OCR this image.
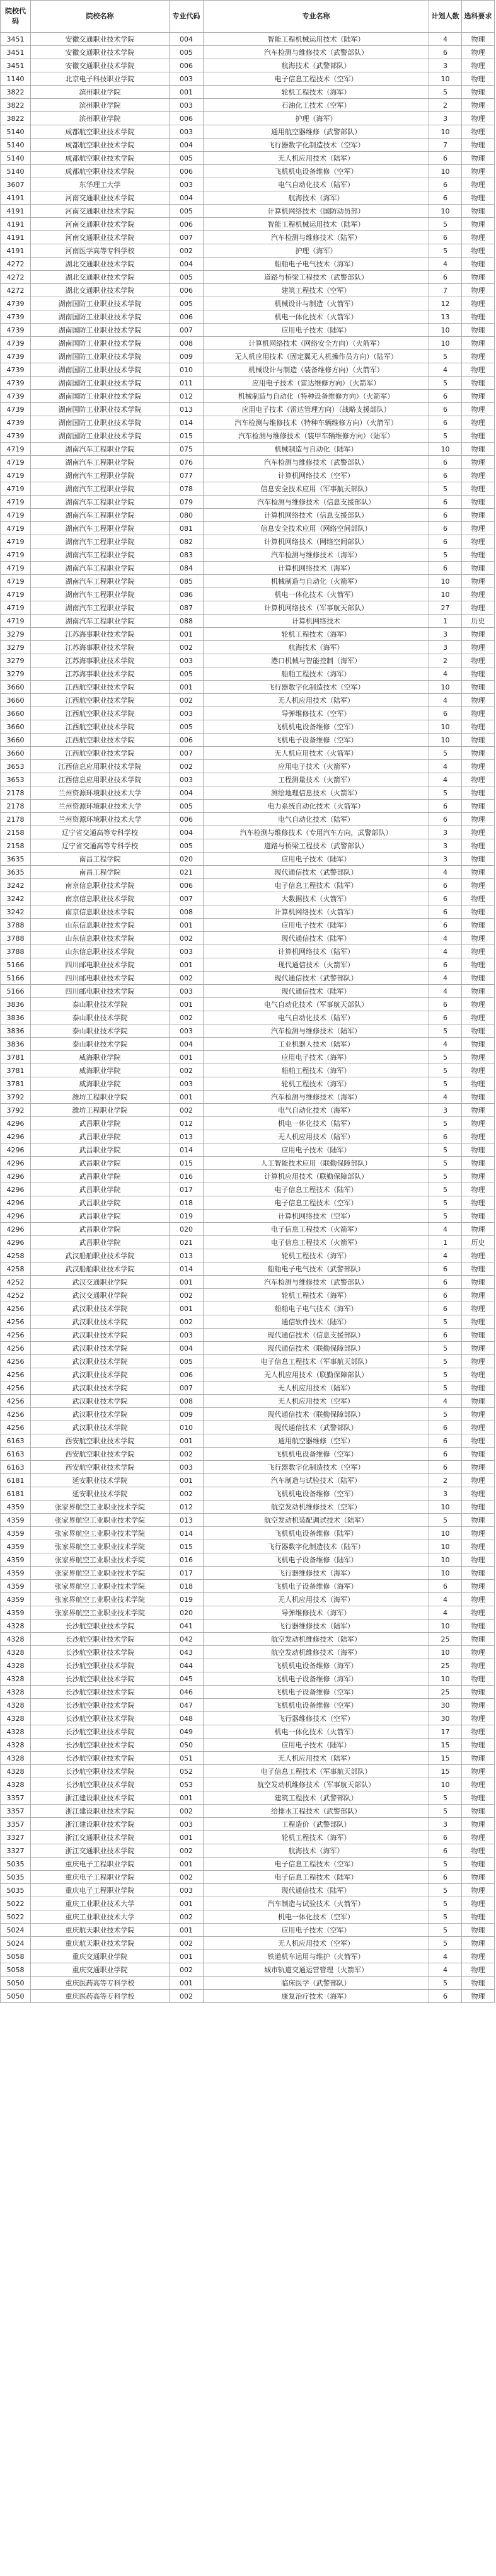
院校代码	院校名称	专业代码	专业名称	计划人数	选科要求
3451	安徽交通职业技术学院	004	智能工程机械运用技术（陆军）	4	物理
3451	安徽交通职业技术学院	005	汽车检测与维修技术（武警部队）	6	物理
3451	安徽交通职业技术学院	006	航海技术（武警部队）	3	物理
1140	北京电子科技职业学院	003	电子信息工程技术（空军）	10	物理
3822	滨州职业学院	001	轮机工程技术（海军）	5	物理
3822	滨州职业学院	003	石油化工技术（空军）	2	物理
3822	滨州职业学院	006	护理（海军）	3	物理
5140	成都航空职业技术学院	003	通用航空器维修（武警部队）	10	物理
5140	成都航空职业技术学院	004	飞行器数字化制造技术（空军）	7	物理
5140	成都航空职业技术学院	005	无人机应用技术（陆军）	6	物理
5140	成都航空职业技术学院	006	飞机机电设备维修（空军）	10	物理
3607	东华理工大学	003	电气自动化技术（陆军）	6	物理
4191	河南交通职业技术学院	004	航海技术（海军）	6	物理
4191	河南交通职业技术学院	005	计算机网络技术（国防动员部）	10	物理
4191	河南交通职业技术学院	006	智能工程机械运用技术（陆军）	5	物理
4191	河南交通职业技术学院	007	汽车检测与维修技术（陆军）	6	物理
4191	河南医学高等专科学校	002	护理（海军）	5	物理
4272	湖北交通职业技术学院	004	船舶电子电气技术（海军）	4	物理
4272	湖北交通职业技术学院	005	道路与桥梁工程技术（武警部队）	6	物理
4272	湖北交通职业技术学院	006	建筑工程技术（空军）	7	物理
4739	湖南国防工业职业技术学院	005	机械设计与制造（火箭军）	12	物理
4739	湖南国防工业职业技术学院	006	机电一体化技术（火箭军）	13	物理
4739	湖南国防工业职业技术学院	007	应用电子技术（陆军）	10	物理
4739	湖南国防工业职业技术学院	008	计算机网络技术（网络安全方向）（火箭军）	10	物理
4739	湖南国防工业职业技术学院	009	无人机应用技术（固定翼无人机操作员方向）（陆军）	5	物理
4739	湖南国防工业职业技术学院	010	机械设计与制造（装备维修方向）（火箭军）	4	物理
4739	湖南国防工业职业技术学院	011	应用电子技术（雷达维修方向）（火箭军）	5	物理
4739	湖南国防工业职业技术学院	012	机械制造与自动化（特种设备维修方向）（火箭军）	6	物理
4739	湖南国防工业职业技术学院	013	应用电子技术（雷达管理方向）（战略支援部队）	6	物理
4739	湖南国防工业职业技术学院	014	汽车检测与维修技术（特种车辆维修方向）（火箭军）	6	物理
4739	湖南国防工业职业技术学院	015	汽车检测与维修技术（装甲车辆维修方向）（陆军）	5	物理
4719	湖南汽车工程职业学院	075	机械制造与自动化（陆军）	10	物理
4719	湖南汽车工程职业学院	076	汽车检测与维修技术（武警部队）	6	物理
4719	湖南汽车工程职业学院	077	计算机网络技术（空军）	6	物理
4719	湖南汽车工程职业学院	078	信息安全技术应用（军事航天部队）	5	物理
4719	湖南汽车工程职业学院	079	汽车检测与维修技术（信息支援部队）	6	物理
4719	湖南汽车工程职业学院	080	计算机网络技术（信息支援部队）	6	物理
4719	湖南汽车工程职业学院	081	信息安全技术应用（网络空间部队）	6	物理
4719	湖南汽车工程职业学院	082	计算机网络技术（网络空间部队）	6	物理
4719	湖南汽车工程职业学院	083	汽车检测与维修技术（海军）	5	物理
4719	湖南汽车工程职业学院	084	计算机网络技术（海军）	6	物理
4719	湖南汽车工程职业学院	085	机械制造与自动化（火箭军）	10	物理
4719	湖南汽车工程职业学院	086	机电一体化技术（火箭军）	10	物理
4719	湖南汽车工程职业学院	087	计算机网络技术（军事航天部队）	27	物理
4719	湖南汽车工程职业学院	088	计算机网络技术	1	历史
3279	江苏海事职业技术学院	001	轮机工程技术（海军）	3	物理
3279	江苏海事职业技术学院	002	航海技术（海军）	3	物理
3279	江苏海事职业技术学院	003	港口机械与智能控制（海军）	2	物理
3279	江苏海事职业技术学院	005	船舶工程技术（海军）	4	物理
3660	江西航空职业技术学院	001	飞行器数字化制造技术（空军）	10	物理
3660	江西航空职业技术学院	002	无人机应用技术（陆军）	4	物理
3660	江西航空职业技术学院	003	导弹维修技术（空军）	6	物理
3660	江西航空职业技术学院	005	飞机机电设备维修（空军）	10	物理
3660	江西航空职业技术学院	006	飞机电子设备维修（空军）	10	物理
3660	江西航空职业技术学院	007	无人机应用技术（火箭军）	5	物理
3653	江西信息应用职业技术学院	002	应用电子技术（火箭军）	4	物理
3653	江西信息应用职业技术学院	003	工程测量技术（火箭军）	4	物理
2178	兰州资源环境职业技术大学	004	测绘地理信息技术（火箭军）	5	物理
2178	兰州资源环境职业技术大学	005	电力系统自动化技术（火箭军）	6	物理
2178	兰州资源环境职业技术大学	006	电气自动化技术（陆军）	6	物理
2158	辽宁省交通高等专科学校	004	汽车检测与维修技术（专用汽车方向，武警部队）	3	物理
2158	辽宁省交通高等专科学校	005	道路与桥梁工程技术（武警部队）	3	物理
3635	南昌工程学院	020	应用电子技术（陆军）	3	物理
3635	南昌工程学院	021	现代通信技术（武警部队）	4	物理
3242	南京信息职业技术学院	006	电子信息工程技术（陆军）	6	物理
3242	南京信息职业技术学院	007	大数据技术（火箭军）	6	物理
3242	南京信息职业技术学院	008	计算机网络技术（火箭军）	6	物理
3788	山东信息职业技术学院	001	应用电子技术（陆军）	6	物理
3788	山东信息职业技术学院	002	现代通信技术（陆军）	4	物理
3788	山东信息职业技术学院	003	计算机网络技术（陆军）	4	物理
5166	四川邮电职业技术学院	001	现代通信技术（火箭军）	6	物理
5166	四川邮电职业技术学院	002	现代通信技术（武警部队）	4	物理
5166	四川邮电职业技术学院	003	现代通信技术（陆军）	4	物理
3836	泰山职业技术学院	001	电气自动化技术（军事航天部队）	6	物理
3836	泰山职业技术学院	002	电气自动化技术（陆军）	6	物理
3836	泰山职业技术学院	003	汽车检测与维修技术（陆军）	5	物理
3836	泰山职业技术学院	004	工业机器人技术（陆军）	4	物理
3781	威海职业学院	001	应用电子技术（海军）	5	物理
3781	威海职业学院	002	船舶工程技术（海军）	5	物理
3781	威海职业学院	003	轮机工程技术（海军）	5	物理
3792	潍坊工程职业学院	001	汽车检测与维修技术（海军）	4	物理
3792	潍坊工程职业学院	002	电气自动化技术（海军）	3	物理
4296	武昌职业学院	012	机电一体化技术（陆军）	5	物理
4296	武昌职业学院	013	无人机应用技术（陆军）	6	物理
4296	武昌职业学院	014	应用电子技术（陆军）	5	物理
4296	武昌职业学院	015	人工智能技术应用（联勤保障部队）	5	物理
4296	武昌职业学院	016	计算机应用技术（联勤保障部队）	5	物理
4296	武昌职业学院	017	电子信息工程技术（陆军）	5	物理
4296	武昌职业学院	018	电子信息工程技术（空军）	5	物理
4296	武昌职业学院	019	计算机网络技术（空军）	5	物理
4296	武昌职业学院	020	电子信息工程技术（火箭军）	4	物理
4296	武昌职业学院	021	电子信息工程技术（火箭军）	1	历史
4258	武汉船舶职业技术学院	013	轮机工程技术（海军）	4	物理
4258	武汉船舶职业技术学院	014	船舶电子电气技术（武警部队）	6	物理
4252	武汉交通职业学院	001	汽车检测与维修技术（武警部队）	6	物理
4252	武汉交通职业学院	002	轮机工程技术（海军）	6	物理
4256	武汉职业技术学院	001	船舶电子电气技术（海军）	6	物理
4256	武汉职业技术学院	002	通信软件技术（陆军）	5	物理
4256	武汉职业技术学院	003	现代通信技术（信息支援部队）	6	物理
4256	武汉职业技术学院	004	现代通信技术（联勤保障部队）	5	物理
4256	武汉职业技术学院	005	电子信息工程技术（军事航天部队）	5	物理
4256	武汉职业技术学院	006	无人机应用技术（联勤保障部队）	5	物理
4256	武汉职业技术学院	007	无人机应用技术（陆军）	5	物理
4256	武汉职业技术学院	008	无人机应用技术（空军）	4	物理
4256	武汉职业技术学院	009	现代通信技术（联勤保障部队）	5	物理
4256	武汉职业技术学院	010	现代通信技术（武警部队）	6	物理
6163	西安航空职业技术学院	001	通用航空器维修（空军）	6	物理
6163	西安航空职业技术学院	002	飞机机电设备维修（空军）	6	物理
6163	西安航空职业技术学院	003	飞行器数字化制造技术（空军）	6	物理
6181	延安职业技术学院	001	汽车制造与试验技术（陆军）	2	物理
6181	延安职业技术学院	002	飞机机电设备维修（空军）	3	物理
4359	张家界航空工业职业技术学院	012	航空发动机维修技术（空军）	10	物理
4359	张家界航空工业职业技术学院	013	航空发动机装配调试技术（陆军）	5	物理
4359	张家界航空工业职业技术学院	014	飞机机电设备维修（陆军）	10	物理
4359	张家界航空工业职业技术学院	015	飞行器数字化制造技术（陆军）	10	物理
4359	张家界航空工业职业技术学院	016	飞机电子设备维修（陆军）	10	物理
4359	张家界航空工业职业技术学院	017	飞行器维修技术（海军）	10	物理
4359	张家界航空工业职业技术学院	018	飞机电子设备维修（海军）	6	物理
4359	张家界航空工业职业技术学院	019	无人机应用技术（海军）	4	物理
4359	张家界航空工业职业技术学院	020	导弹维修技术（海军）	4	物理
4328	长沙航空职业技术学院	041	飞行器维修技术（陆军）	10	物理
4328	长沙航空职业技术学院	042	航空发动机维修技术（陆军）	25	物理
4328	长沙航空职业技术学院	043	航空发动机维修技术（海军）	10	物理
4328	长沙航空职业技术学院	044	飞机机电设备维修（海军）	25	物理
4328	长沙航空职业技术学院	045	飞机电子设备维修（海军）	10	物理
4328	长沙航空职业技术学院	046	飞机电子设备维修（空军）	25	物理
4328	长沙航空职业技术学院	047	飞机机电设备维修（空军）	30	物理
4328	长沙航空职业技术学院	048	飞行器维修技术（空军）	30	物理
4328	长沙航空职业技术学院	049	机电一体化技术（火箭军）	17	物理
4328	长沙航空职业技术学院	050	应用电子技术（陆军）	15	物理
4328	长沙航空职业技术学院	051	无人机应用技术（陆军）	15	物理
4328	长沙航空职业技术学院	052	电子信息工程技术（军事航天部队）	15	物理
4328	长沙航空职业技术学院	053	航空发动机维修技术（军事航天部队）	10	物理
3357	浙江建设职业技术学院	001	建筑工程技术（武警部队）	5	物理
3357	浙江建设职业技术学院	002	给排水工程技术（武警部队）	5	物理
3357	浙江建设职业技术学院	003	工程造价（武警部队）	3	物理
3327	浙江交通职业技术学院	001	轮机工程技术（海军）	6	物理
3327	浙江交通职业技术学院	002	航海技术（海军）	6	物理
5035	重庆电子工程职业学院	001	电子信息工程技术（空军）	5	物理
5035	重庆电子工程职业学院	002	电子信息工程技术（陆军）	6	物理
5035	重庆电子工程职业学院	003	现代通信技术（陆军）	5	物理
5022	重庆工业职业技术大学	001	汽车制造与试验技术（火箭军）	5	物理
5022	重庆工业职业技术大学	002	机电一体化技术（空军）	5	物理
5024	重庆航天职业技术学院	001	应用电子技术（空军）	5	物理
5024	重庆航天职业技术学院	002	无人机应用技术（空军）	5	物理
5058	重庆交通职业学院	001	铁道机车运用与维护（火箭军）	4	物理
5058	重庆交通职业学院	002	城市轨道交通运营管理（火箭军）	4	物理
5050	重庆医药高等专科学校	001	临床医学（武警部队）	5	物理
5050	重庆医药高等专科学校	002	康复治疗技术（海军）	6	物理
